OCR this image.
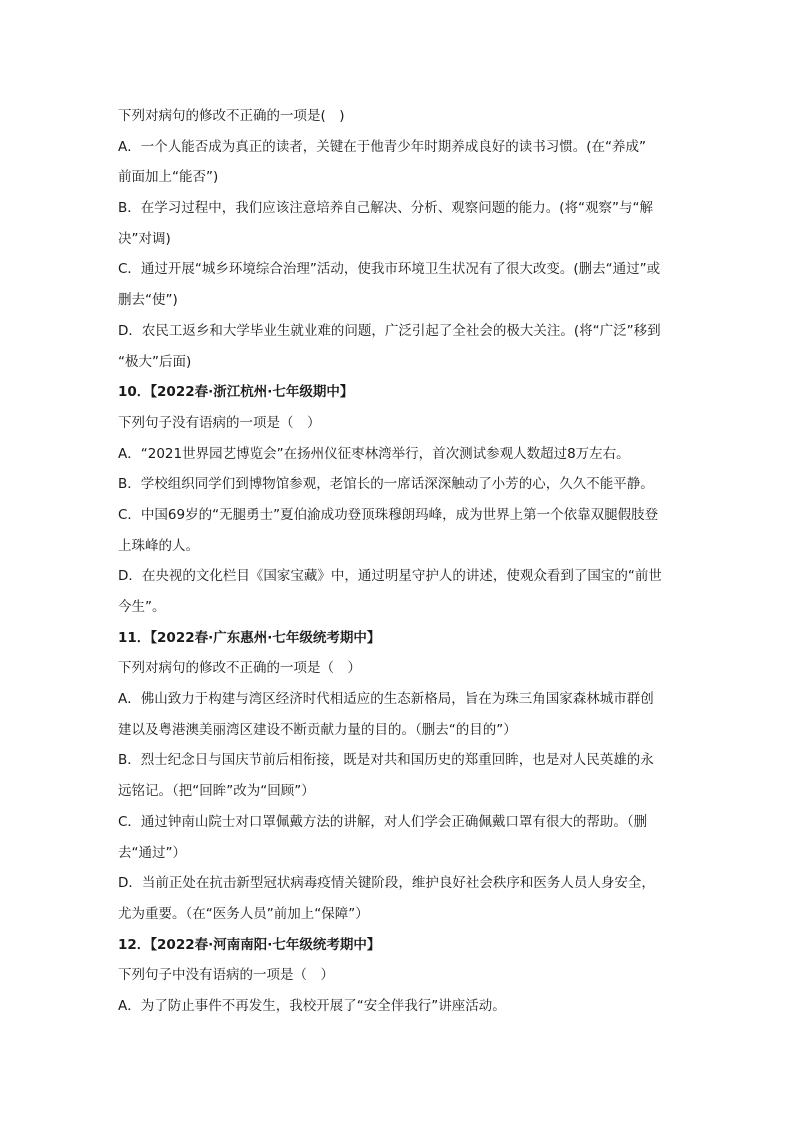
下列对病句的修改不正确的一项是(　)
A．一个人能否成为真正的读者，关键在于他青少年时期养成良好的读书习惯。(在“养成”
前面加上“能否”)
B．在学习过程中，我们应该注意培养自己解决、分析、观察问题的能力。(将“观察”与“解
决”对调)
C．通过开展“城乡环境综合治理”活动，使我市环境卫生状况有了很大改变。(删去“通过”或
删去“使”)
D．农民工返乡和大学毕业生就业难的问题，广泛引起了全社会的极大关注。(将“广泛”移到
“极大”后面)
10．【2022春·浙江杭州·七年级期中】
下列句子没有语病的一项是（　）
A．“2021世界园艺博览会”在扬州仪征枣林湾举行，首次测试参观人数超过8万左右。
B．学校组织同学们到博物馆参观，老馆长的一席话深深触动了小芳的心，久久不能平静。
C．中国69岁的“无腿勇士”夏伯渝成功登顶珠穆朗玛峰，成为世界上第一个依靠双腿假肢登
上珠峰的人。
D．在央视的文化栏目《国家宝藏》中，通过明星守护人的讲述，使观众看到了国宝的“前世
今生”。
11．【2022春·广东惠州·七年级统考期中】
下列对病句的修改不正确的一项是（　）
A．佛山致力于构建与湾区经济时代相适应的生态新格局，旨在为珠三角国家森林城市群创
建以及粤港澳美丽湾区建设不断贡献力量的目的。（删去“的目的”）
B．烈士纪念日与国庆节前后相衔接，既是对共和国历史的郑重回眸，也是对人民英雄的永
远铭记。（把“回眸”改为“回顾”）
C．通过钟南山院士对口罩佩戴方法的讲解，对人们学会正确佩戴口罩有很大的帮助。（删
去“通过”）
D．当前正处在抗击新型冠状病毒疫情关键阶段，维护良好社会秩序和医务人员人身安全，
尤为重要。（在“医务人员”前加上“保障”）
12．【2022春·河南南阳·七年级统考期中】
下列句子中没有语病的一项是（　）
A．为了防止事件不再发生，我校开展了“安全伴我行”讲座活动。
